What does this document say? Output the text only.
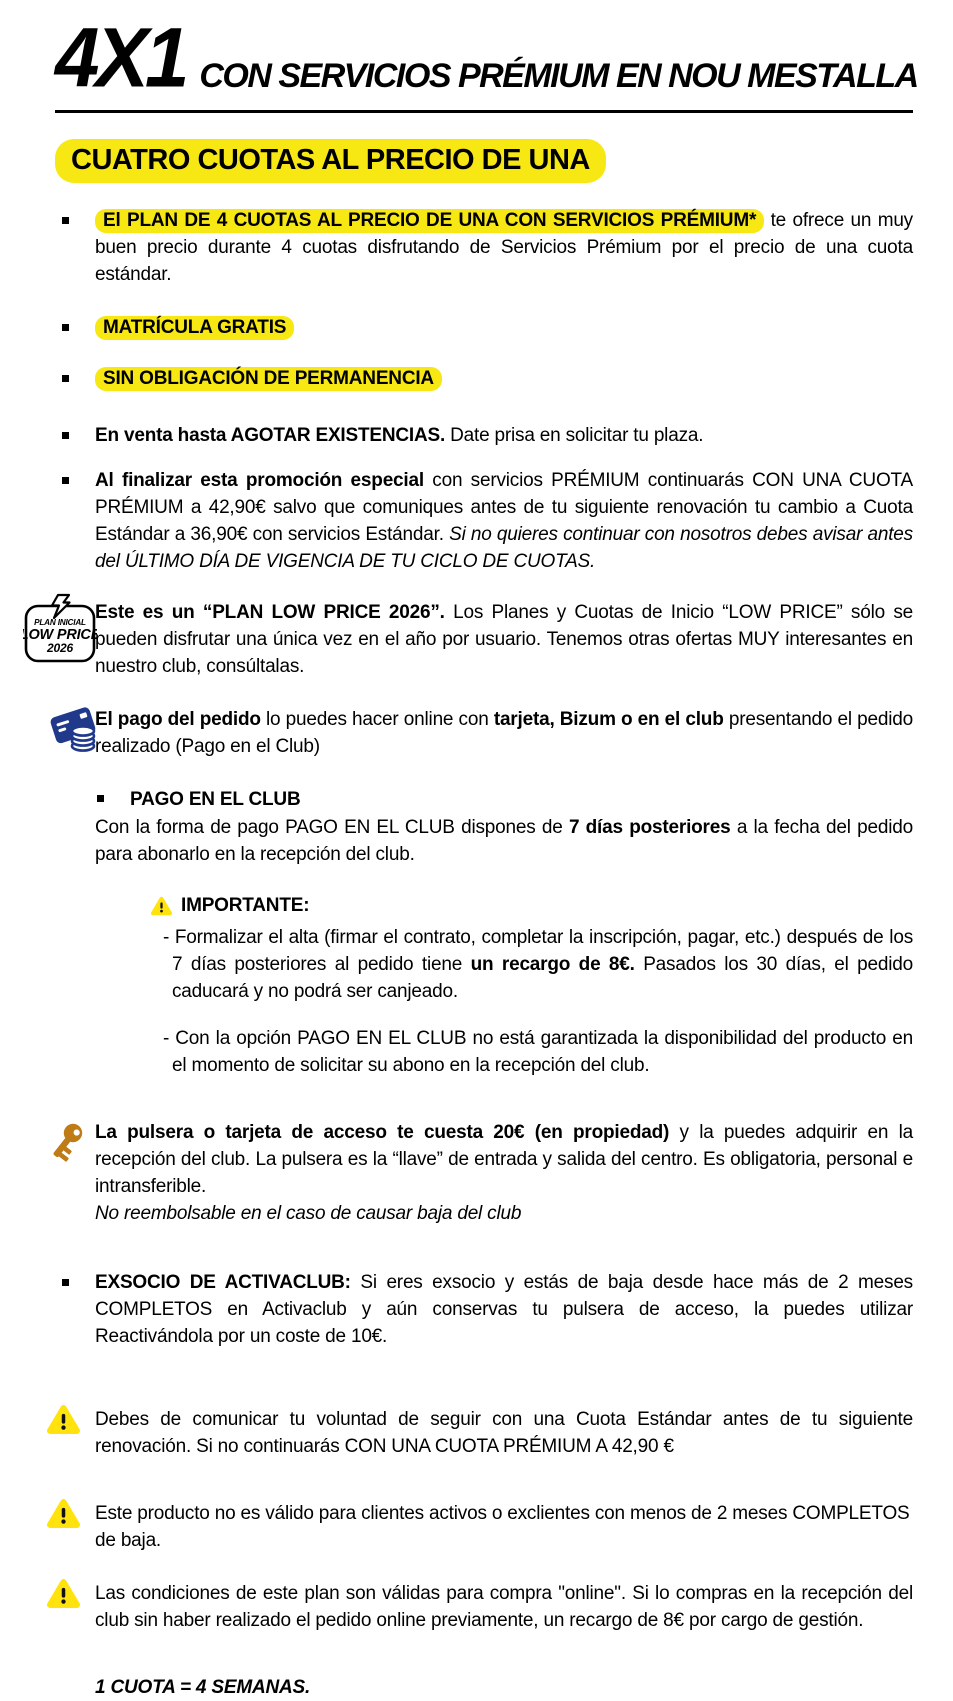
4X1 CON SERVICIOS PRÉMIUM EN NOU MESTALLA
CUATRO CUOTAS AL PRECIO DE UNA
El PLAN DE 4 CUOTAS AL PRECIO DE UNA CON SERVICIOS PRÉMIUM* te ofrece un muy buen precio durante 4 cuotas disfrutando de Servicios Prémium por el precio de una cuota estándar.
MATRÍCULA GRATIS
SIN OBLIGACIÓN DE PERMANENCIA
En venta hasta AGOTAR EXISTENCIAS. Date prisa en solicitar tu plaza.
Al finalizar esta promoción especial con servicios PRÉMIUM continuarás CON UNA CUOTA PRÉMIUM a 42,90€ salvo que comuniques antes de tu siguiente renovación tu cambio a Cuota Estándar a 36,90€ con servicios Estándar. Si no quieres continuar con nosotros debes avisar antes del ÚLTIMO DÍA DE VIGENCIA DE TU CICLO DE CUOTAS.
PLAN INICIAL
LOW PRICE
2026
Este es un “PLAN LOW PRICE 2026”. Los Planes y Cuotas de Inicio “LOW PRICE” sólo se pueden disfrutar una única vez en el año por usuario. Tenemos otras ofertas MUY interesantes en nuestro club, consúltalas.
El pago del pedido lo puedes hacer online con tarjeta, Bizum o en el club presentando el pedido realizado (Pago en el Club)
PAGO EN EL CLUB
Con la forma de pago PAGO EN EL CLUB dispones de 7 días posteriores a la fecha del pedido para abonarlo en la recepción del club.
IMPORTANTE:
- Formalizar el alta (firmar el contrato, completar la inscripción, pagar, etc.) después de los 7 días posteriores al pedido tiene un recargo de 8€. Pasados los 30 días, el pedido caducará y no podrá ser canjeado.
- Con la opción PAGO EN EL CLUB no está garantizada la disponibilidad del producto en el momento de solicitar su abono en la recepción del club.
La pulsera o tarjeta de acceso te cuesta 20€ (en propiedad) y la puedes adquirir en la recepción del club. La pulsera es la “llave” de entrada y salida del centro. Es obligatoria, personal e intransferible.
No reembolsable en el caso de causar baja del club
EXSOCIO DE ACTIVACLUB: Si eres exsocio y estás de baja desde hace más de 2 meses COMPLETOS en Activaclub y aún conservas tu pulsera de acceso, la puedes utilizar Reactivándola por un coste de 10€.
Debes de comunicar tu voluntad de seguir con una Cuota Estándar antes de tu siguiente renovación. Si no continuarás CON UNA CUOTA PRÉMIUM A 42,90 €
Este producto no es válido para clientes activos o exclientes con menos de 2 meses COMPLETOS de baja.
Las condiciones de este plan son válidas para compra "online". Si lo compras en la recepción del club sin haber realizado el pedido online previamente, un recargo de 8€ por cargo de gestión.
1 CUOTA = 4 SEMANAS.
